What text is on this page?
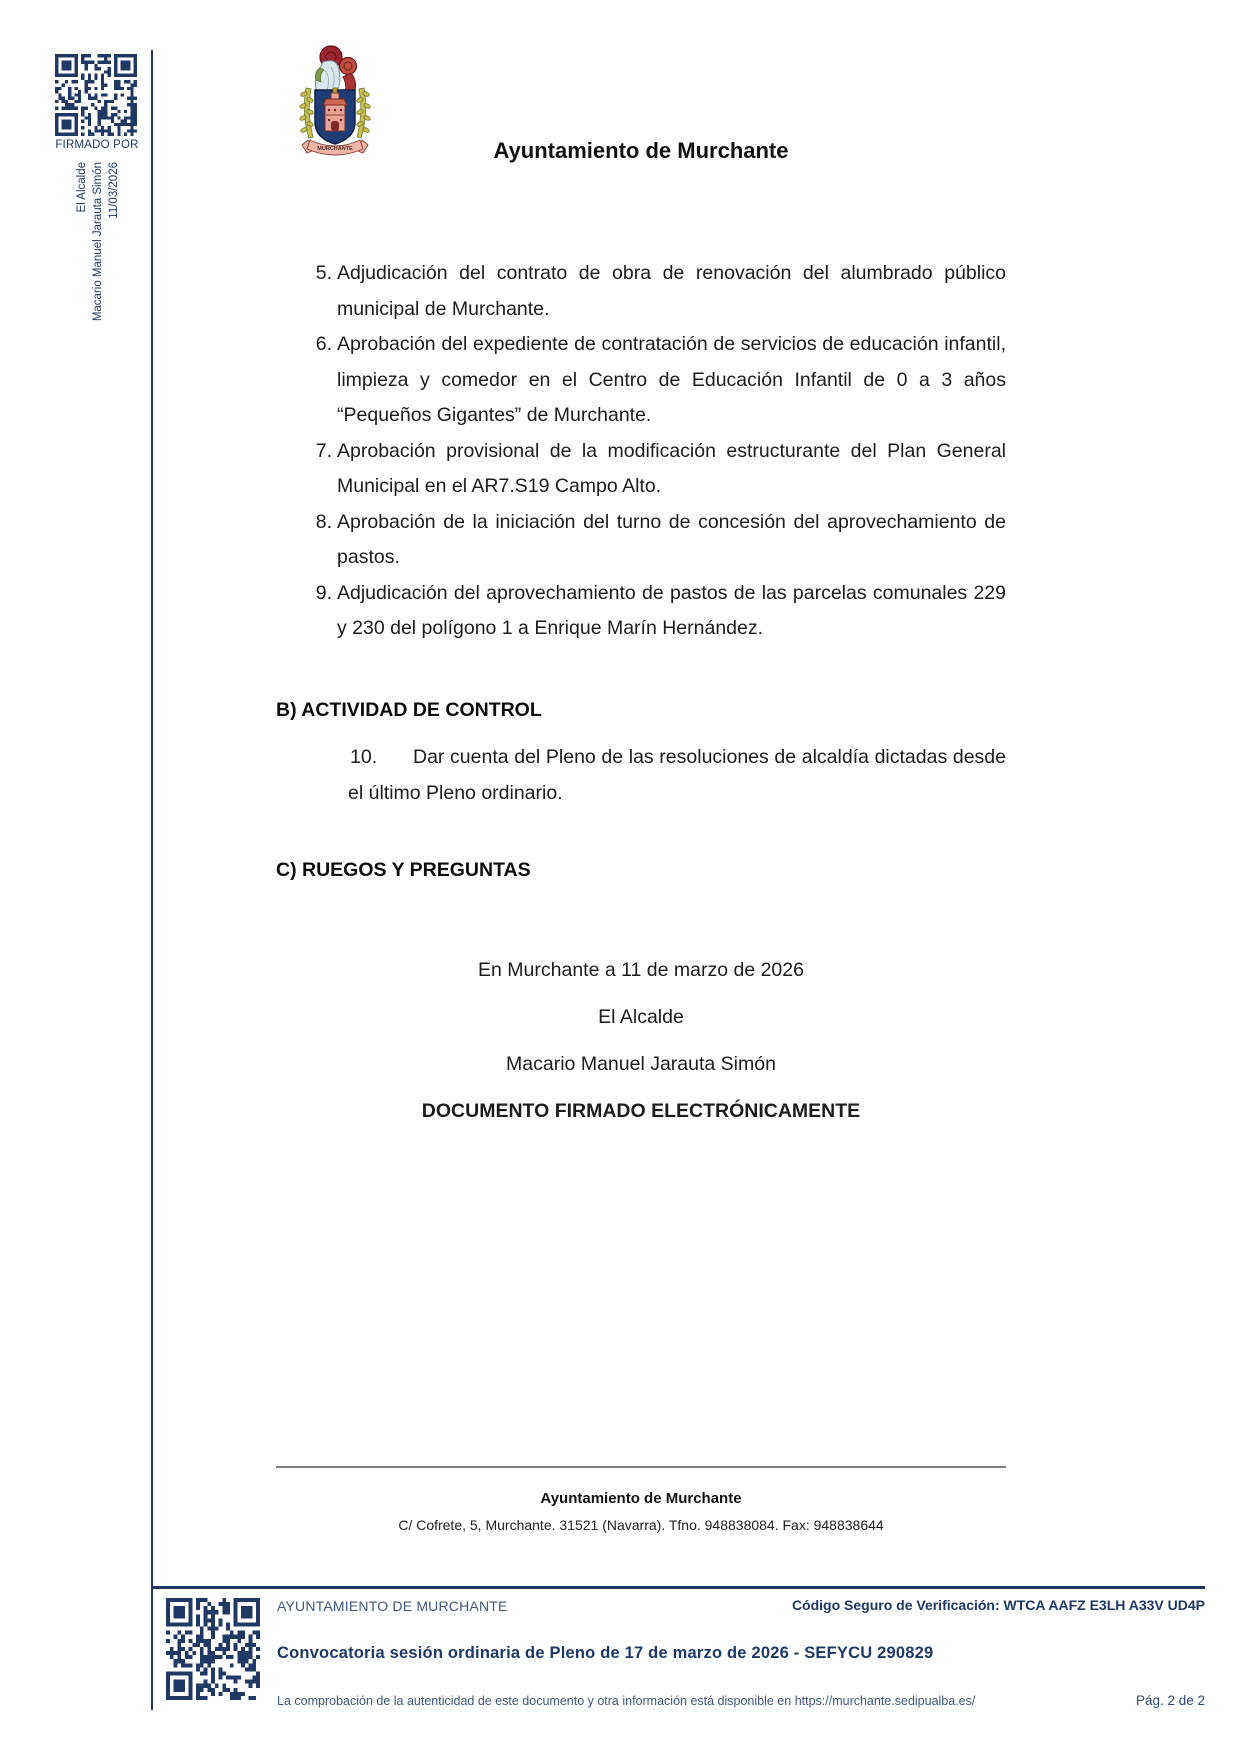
FIRMADO POR
El Alcalde Macario Manuel Jarauta Simón 11/03/2026
MURCHANTE	Ayuntamiento de Murchante
5. Adjudicación del contrato de obra de renovación del alumbrado público municipal de Murchante.
6. Aprobación del expediente de contratación de servicios de educación infantil, limpieza y comedor en el Centro de Educación Infantil de 0 a 3 años “Pequeños Gigantes” de Murchante.
7. Aprobación provisional de la modificación estructurante del Plan General Municipal en el AR7.S19 Campo Alto.
8. Aprobación de la iniciación del turno de concesión del aprovechamiento de pastos.
9. Adjudicación del aprovechamiento de pastos de las parcelas comunales 229 y 230 del polígono 1 a Enrique Marín Hernández.
B) ACTIVIDAD DE CONTROL
10. Dar cuenta del Pleno de las resoluciones de alcaldía dictadas desde el último Pleno ordinario.
C) RUEGOS Y PREGUNTAS
En Murchante a 11 de marzo de 2026
El Alcalde
Macario Manuel Jarauta Simón
DOCUMENTO FIRMADO ELECTRÓNICAMENTE
Ayuntamiento de Murchante
C/ Cofrete, 5, Murchante. 31521 (Navarra). Tfno. 948838084. Fax: 948838644
AYUNTAMIENTO DE MURCHANTE	Código Seguro de Verificación: WTCA AAFZ E3LH A33V UD4P
Convocatoria sesión ordinaria de Pleno de 17 de marzo de 2026 - SEFYCU 290829
La comprobación de la autenticidad de este documento y otra información está disponible en https://murchante.sedipualba.es/	Pág. 2 de 2
